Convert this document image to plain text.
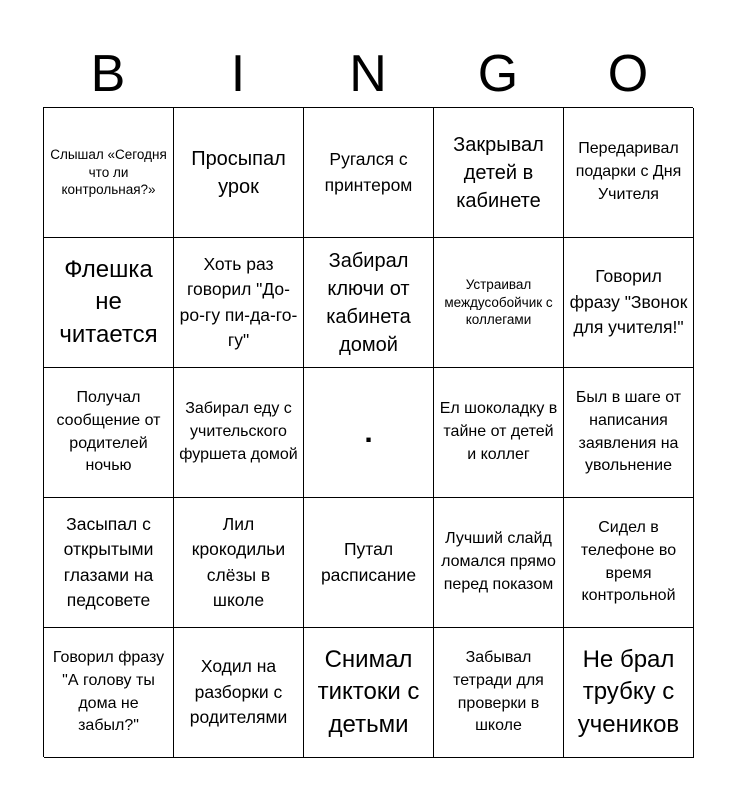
B	I	N	G	O
Слышал «Сегодня что ли контрольная?»
Просыпал урок
Ругался с принтером
Закрывал детей в кабинете
Передаривал подарки с Дня Учителя
Флешка не читается
Хоть раз говорил "До-ро-гу пи-да-го-гу"
Забирал ключи от кабинета домой
Устраивал междусобойчик с коллегами
Говорил фразу "Звонок для учителя!"
Получал сообщение от родителей ночью
Забирал еду с учительского фуршета домой
.
Ел шоколадку в тайне от детей и коллег
Был в шаге от написания заявления на увольнение
Засыпал с открытыми глазами на педсовете
Лил крокодильи слёзы в школе
Путал расписание
Лучший слайд ломался прямо перед показом
Сидел в телефоне во время контрольной
Говорил фразу "А голову ты дома не забыл?"
Ходил на разборки с родителями
Снимал тиктоки с детьми
Забывал тетради для проверки в школе
Не брал трубку с учеников
